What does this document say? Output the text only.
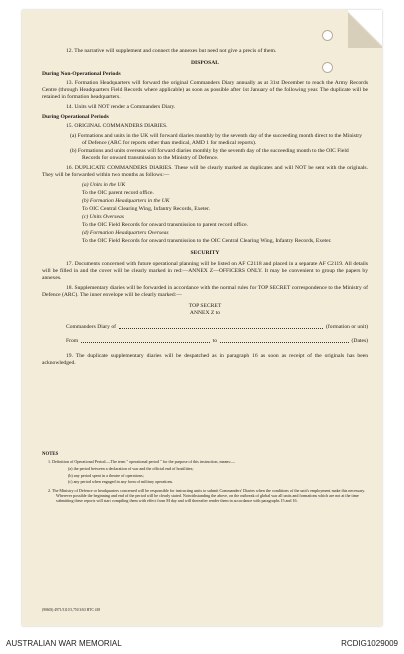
12. The narrative will supplement and connect the annexes but need not give a precis of them.

DISPOSAL

During Non-Operational Periods

13. Formation Headquarters will forward the original Commanders Diary annually as at 31st December to reach the Army Records Centre (through Headquarters Field Records where applicable) as soon as possible after 1st January of the following year. The duplicate will be retained in formation headquarters.

14. Units will NOT render a Commanders Diary.

During Operational Periods

15. ORIGINAL COMMANDERS DIARIES.

(a) Formations and units in the UK will forward diaries monthly by the seventh day of the succeeding month direct to the Ministry of Defence (ARC for reports other than medical, AMD 1 for medical reports).

(b) Formations and units overseas will forward diaries monthly by the seventh day of the succeeding month to the OIC Field Records for onward transmission to the Ministry of Defence.

16. DUPLICATE COMMANDERS DIARIES. These will be clearly marked as duplicates and will NOT be sent with the originals. They will be forwarded within two months as follows:—

(a) Units in the UK

To the OIC parent record office.

(b) Formation Headquarters in the UK

To OIC Central Clearing Wing, Infantry Records, Exeter.

(c) Units Overseas

To the OIC Field Records for onward transmission to parent record office.

(d) Formation Headquarters Overseas

To the OIC Field Records for onward transmission to the OIC Central Clearing Wing, Infantry Records, Exeter.

SECURITY

17. Documents concerned with future operational planning will be listed on AF C2118 and placed in a separate AF C2119. All details will be filled in and the cover will be clearly marked in red:—ANNEX Z—OFFICERS ONLY. It may be convenient to group the papers by annexes.

18. Supplementary diaries will be forwarded in accordance with the normal rules for TOP SECRET correspondence to the Ministry of Defence (ARC). The inner envelope will be clearly marked:—

TOP SECRET

ANNEX Z to

Commanders Diary of	(formation or unit)
From	to	(Dates)

19. The duplicate supplementary diaries will be despatched as in paragraph 16 as soon as receipt of the originals has been acknowledged.

NOTES

1. Definition of Operational Period.—The term " operational period " for the purpose of this instruction, means:—

(a) the period between a declaration of war and the official end of hostilities;

(b) any period spent in a theatre of operations;

(c) any period when engaged in any form of military operations.

2. The Ministry of Defence or headquarters concerned will be responsible for instructing units to submit Commanders' Diaries when the conditions of the unit's employment make this necessary. Wherever possible the beginning and end of the period will be clearly stated. Notwithstanding the above, on the outbreak of global war all units and formations which are not at the time submitting these reports will start compiling them with effect from M day and will thereafter render them in accordance with paragraphs 15 and 16.

(90603) 4971/3110 5,750 3/63 HTC 418

AUSTRALIAN WAR MEMORIAL	RCDIG1029009
